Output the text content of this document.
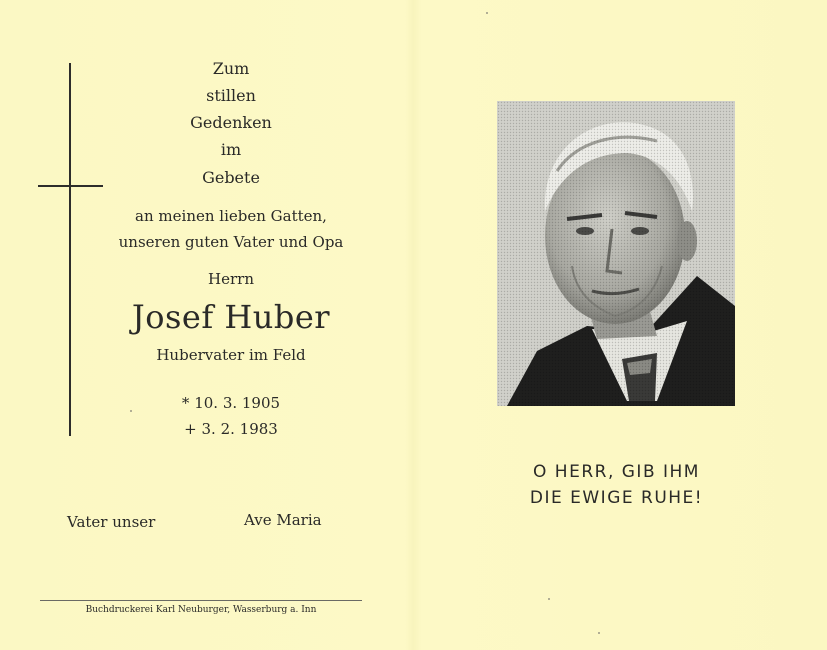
Zum
stillen
Gedenken
im
Gebete
an meinen lieben Gatten,
unseren guten Vater und Opa
Herrn
Josef Huber
Hubervater im Feld
* 10. 3. 1905
+ 3. 2. 1983
Vater unser	Ave Maria
Buchdruckerei Karl Neuburger, Wasserburg a. Inn
O HERR, GIB IHM
DIE EWIGE RUHE!
